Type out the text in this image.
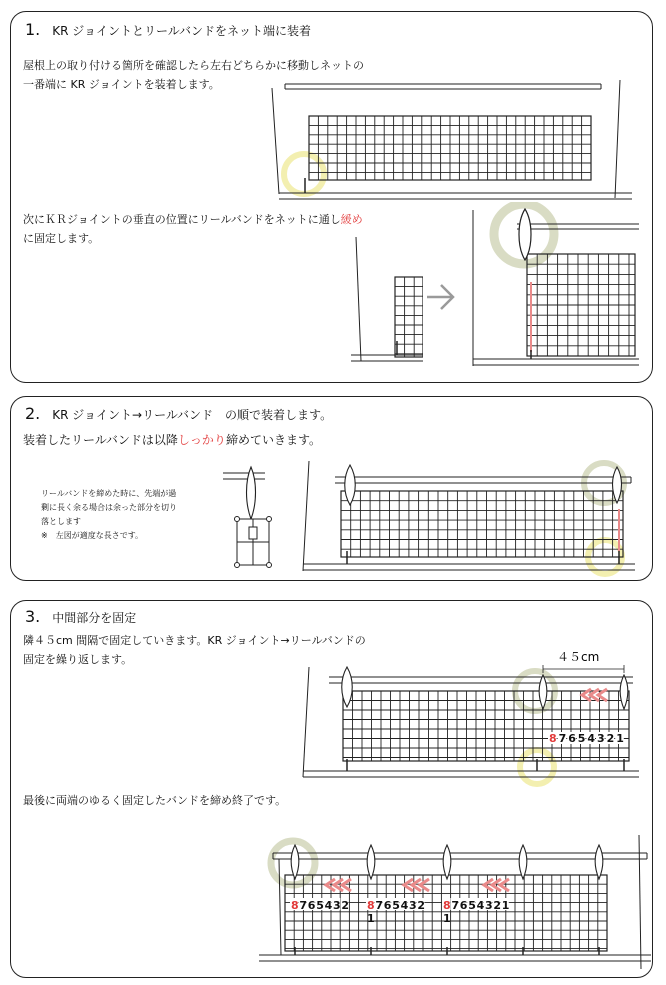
1. KR ジョイントとリールバンドをネット端に装着
屋根上の取り付ける箇所を確認したら左右どちらかに移動しネットの
一番端に KR ジョイントを装着します。
次にＫＲジョイントの垂直の位置にリールバンドをネットに通し緩め
に固定します。
2. KR ジョイント→リールバンド　の順で装着します。
装着したリールバンドは以降しっかり締めていきます。
リールバンドを締めた時に、先端が過
剰に長く余る場合は余った部分を切り
落とします
※　左図が適度な長さです。
3. 中間部分を固定
隣４５cm 間隔で固定していきます。KR ジョイント→リールバンドの
固定を繰り返します。
最後に両端のゆるく固定したバンドを締め終了です。
４５cm
8 7 6 5 4 3 2 1
8 7 6 5 4 3 2 8 7 6 5 4 3 2 8 7 6 5 4 3 2 1
1	1
